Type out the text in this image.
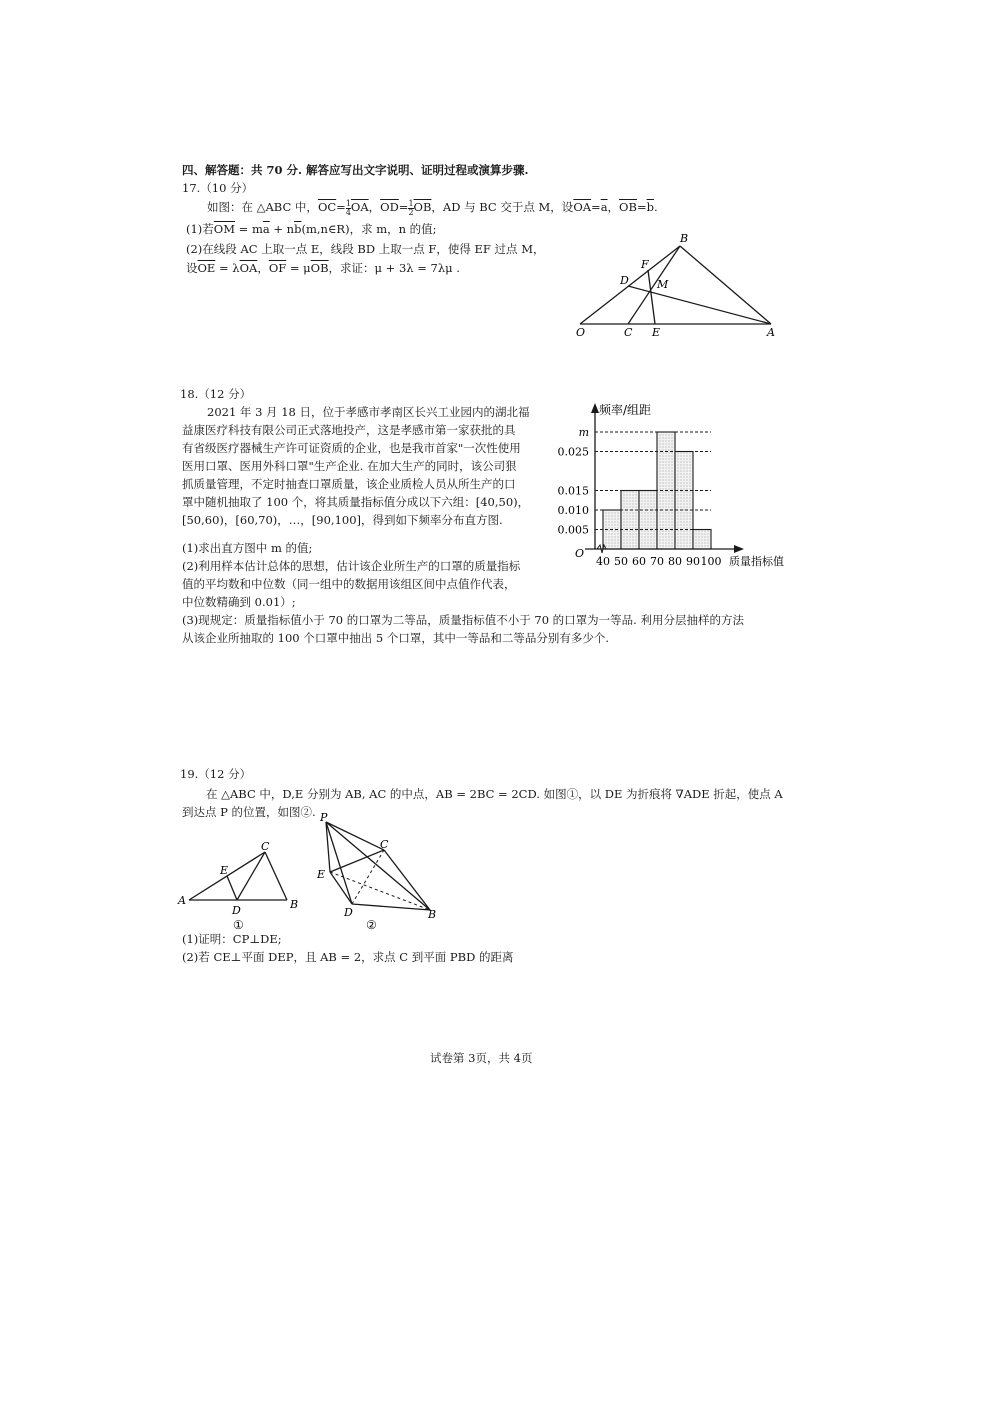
四、解答题：共 70 分. 解答应写出文字说明、证明过程或演算步骤.
17.（10 分）
如图：在 △ABC 中，$\overline{OC}= \frac{1}{4} \overline{OA}$，$\overline{OD}= \frac{1}{2} \overline{OB}$，AD 与 BC 交于点 M，设$\overline{OA}=\overline{a}$，$\overline{OB}=\overline{b}$.
(1)若$\overline{OM} = m\overline{a}$ + $n\overline{b}(m,n\in R)$，求 m，n 的值;
(2)在线段 AC 上取一点 E，线段 BD 上取一点 F，使得 EF 过点 M，
设$\overline{OE} = \lambda\overline{OA}$，$\overline{OF} = \mu\overline{OB}$，求证：μ + 3λ = 7λμ .
B
F
D	M
O	C E	A
18.（12 分）
2021 年 3 月 18 日，位于孝感市孝南区长兴工业园内的湖北福
益康医疗科技有限公司正式落地投产，这是孝感市第一家获批的具
有省级医疗器械生产许可证资质的企业，也是我市首家"一次性使用
医用口罩、医用外科口罩"生产企业. 在加大生产的同时，该公司狠
抓质量管理，不定时抽查口罩质量，该企业质检人员从所生产的口
罩中随机抽取了 100 个，将其质量指标值分成以下六组：[40,50)，
[50,60)，[60,70)，…，[90,100]，得到如下频率分布直方图.
(1)求出直方图中 m 的值;
(2)利用样本估计总体的思想，估计该企业所生产的口罩的质量指标
值的平均数和中位数（同一组中的数据用该组区间中点值作代表，
中位数精确到 0.01）;
(3)现规定：质量指标值小于 70 的口罩为二等品，质量指标值不小于 70 的口罩为一等品. 利用分层抽样的方法
从该企业所抽取的 100 个口罩中抽出 5 个口罩，其中一等品和二等品分别有多少个.
频率/组距
O
质量指标值
0.005
0.010
0.015
0.025
m
40 50 60 70 80 90 100
19.（12 分）
在 △ABC 中，D,E 分别为 AB, AC 的中点，AB = 2BC = 2CD. 如图①，以 DE 为折痕将 ∇ADE 折起，使点 A
到达点 P 的位置，如图②.
C
E
A
D	B
①
P
C
E
D	B
②
(1)证明：CP⊥DE;
(2)若 CE⊥平面 DEP，且 AB = 2，求点 C 到平面 PBD 的距离
试卷第 3页，共 4页
